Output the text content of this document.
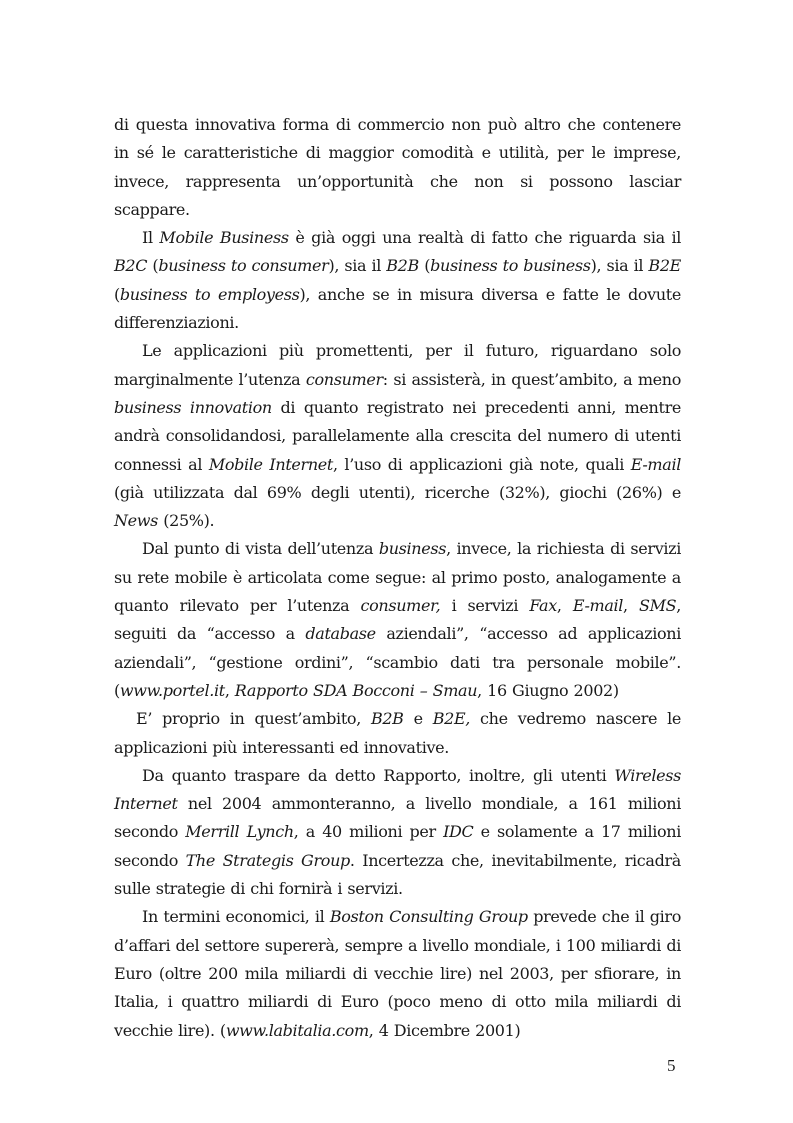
di questa innovativa forma di commercio non può altro che contenere in sé le caratteristiche di maggior comodità e utilità, per le imprese, invece, rappresenta un’opportunità che non si possono lasciar scappare.

Il Mobile Business è già oggi una realtà di fatto che riguarda sia il B2C (business to consumer), sia il B2B (business to business), sia il B2E (business to employess), anche se in misura diversa e fatte le dovute differenziazioni.

Le applicazioni più promettenti, per il futuro, riguardano solo marginalmente l’utenza consumer: si assisterà, in quest’ambito, a meno business innovation di quanto registrato nei precedenti anni, mentre andrà consolidandosi, parallelamente alla crescita del numero di utenti connessi al Mobile Internet, l’uso di applicazioni già note, quali E-mail (già utilizzata dal 69% degli utenti), ricerche (32%), giochi (26%) e News (25%).

Dal punto di vista dell’utenza business, invece, la richiesta di servizi su rete mobile è articolata come segue: al primo posto, analogamente a quanto rilevato per l’utenza consumer, i servizi Fax, E-mail, SMS, seguiti da “accesso a database aziendali”, “accesso ad applicazioni aziendali”, “gestione ordini”, “scambio dati tra personale mobile”. (www.portel.it, Rapporto SDA Bocconi – Smau, 16 Giugno 2002)

E’ proprio in quest’ambito, B2B e B2E, che vedremo nascere le applicazioni più interessanti ed innovative.

Da quanto traspare da detto Rapporto, inoltre, gli utenti Wireless Internet nel 2004 ammonteranno, a livello mondiale, a 161 milioni secondo Merrill Lynch, a 40 milioni per IDC e solamente a 17 milioni secondo The Strategis Group. Incertezza che, inevitabilmente, ricadrà sulle strategie di chi fornirà i servizi.

In termini economici, il Boston Consulting Group prevede che il giro d’affari del settore supererà, sempre a livello mondiale, i 100 miliardi di Euro (oltre 200 mila miliardi di vecchie lire) nel 2003, per sfiorare, in Italia, i quattro miliardi di Euro (poco meno di otto mila miliardi di vecchie lire). (www.labitalia.com, 4 Dicembre 2001)

5
